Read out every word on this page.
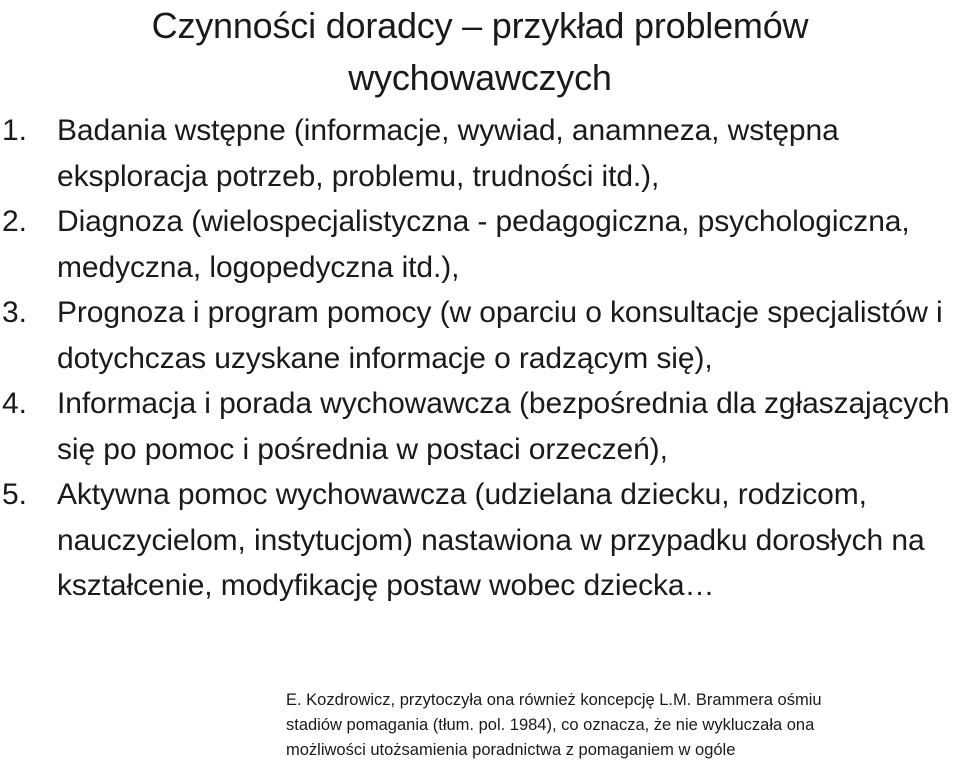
Czynności doradcy – przykład problemów
wychowawczych
1. Badania wstępne (informacje, wywiad, anamneza, wstępna eksploracja potrzeb, problemu, trudności itd.),
2. Diagnoza (wielospecjalistyczna - pedagogiczna, psychologiczna, medyczna, logopedyczna itd.),
3. Prognoza i program pomocy (w oparciu o konsultacje specjalistów i dotychczas uzyskane informacje o radzącym się),
4. Informacja i porada wychowawcza (bezpośrednia dla zgłaszających się po pomoc i pośrednia w postaci orzeczeń),
5. Aktywna pomoc wychowawcza (udzielana dziecku, rodzicom, nauczycielom, instytucjom) nastawiona w przypadku dorosłych na kształcenie, modyfikację postaw wobec dziecka…
E. Kozdrowicz, przytoczyła ona również koncepcję L.M. Brammera ośmiu
stadiów pomagania (tłum. pol. 1984), co oznacza, że nie wykluczała ona
możliwości utożsamienia poradnictwa z pomaganiem w ogóle
